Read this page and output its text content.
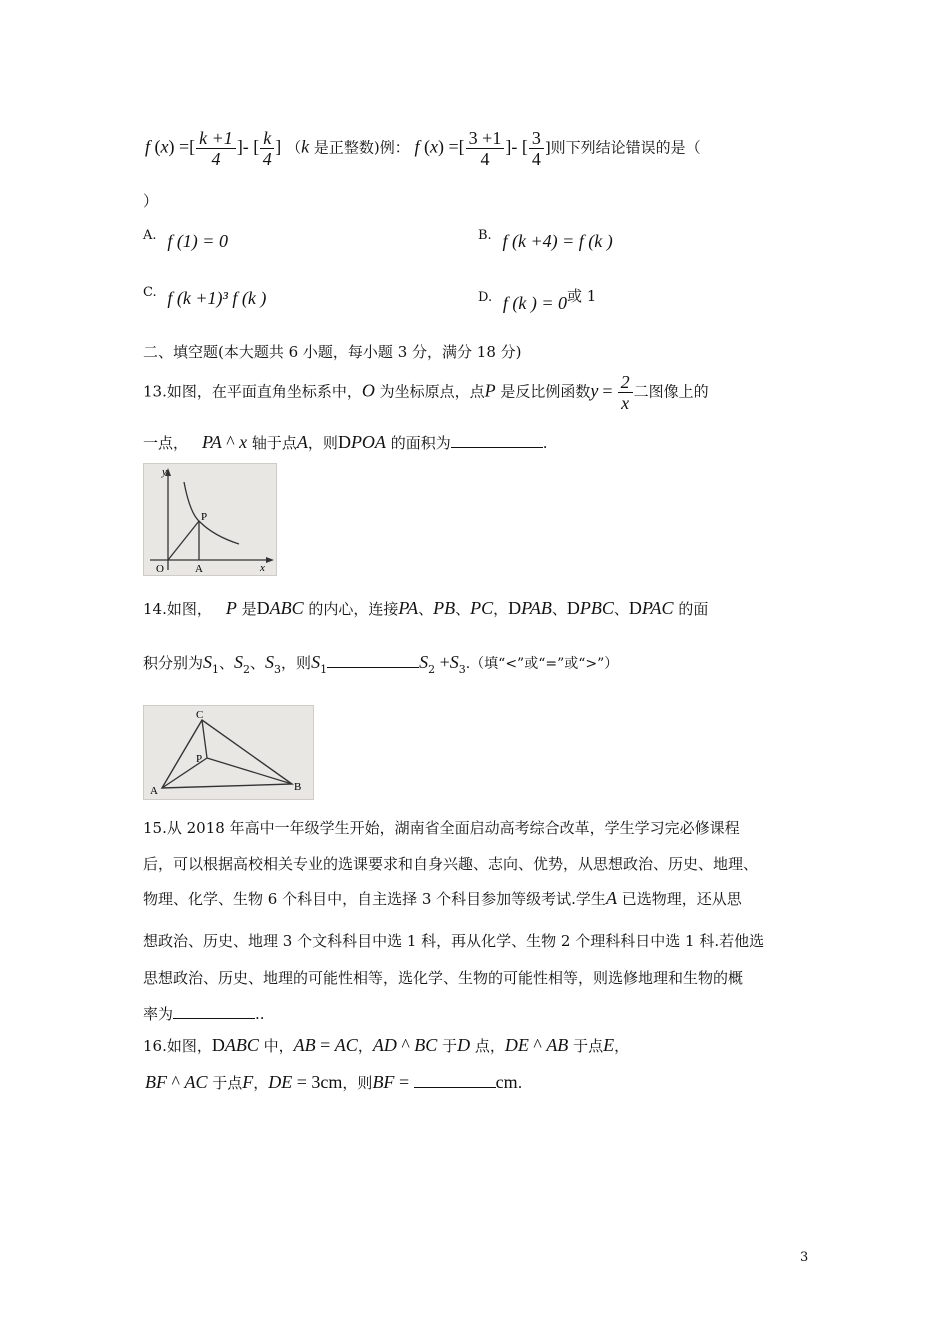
f (x) =[ $\frac{k +1}{4}$ ]- [ $\frac{k}{4}$ ] （k 是正整数)例： f (x) =[ $\frac{3 +1}{4}$ ]- [ $\frac{3}{4}$ ]则下列结论错误的是（
）
A. f (1) = 0	B. f (k +4) = f (k )
C. f (k +1)³ f (k )	D. f (k ) = 0或 1
二、填空题(本大题共 6 小题，每小题 3 分，满分 18 分)
13.如图，在平面直角坐标系中，O 为坐标原点，点P 是反比例函数$y = \frac{2}{x}$ 二图像上的
一点， PA ^ x 轴于点A，则DPOA 的面积为	.
y
P
O	A	x
14.如图， P 是DABC 的内心，连接PA、PB、PC，DPAB、DPBC、DPAC 的面
积分别为$S_1$、$S_2$、$S_3$，则$S_1$	$S_2 +S_3$.（填“<”或“=”或“>”）
C
P
A	B
15.从 2018 年高中一年级学生开始，湖南省全面启动高考综合改革，学生学习完必修课程
后，可以根据高校相关专业的选课要求和自身兴趣、志向、优势，从思想政治、历史、地理、
物理、化学、生物 6 个科目中，自主选择 3 个科目参加等级考试.学生A 已选物理，还从思
想政治、历史、地理 3 个文科科目中选 1 科，再从化学、生物 2 个理科科日中选 1 科.若他选
思想政治、历史、地理的可能性相等，选化学、生物的可能性相等，则选修地理和生物的概
率为	..
16.如图，DABC 中，AB = AC，AD ^ BC 于D 点，DE ^ AB 于点E，
BF ^ AC 于点F，DE = 3cm，则BF =	cm.
3
